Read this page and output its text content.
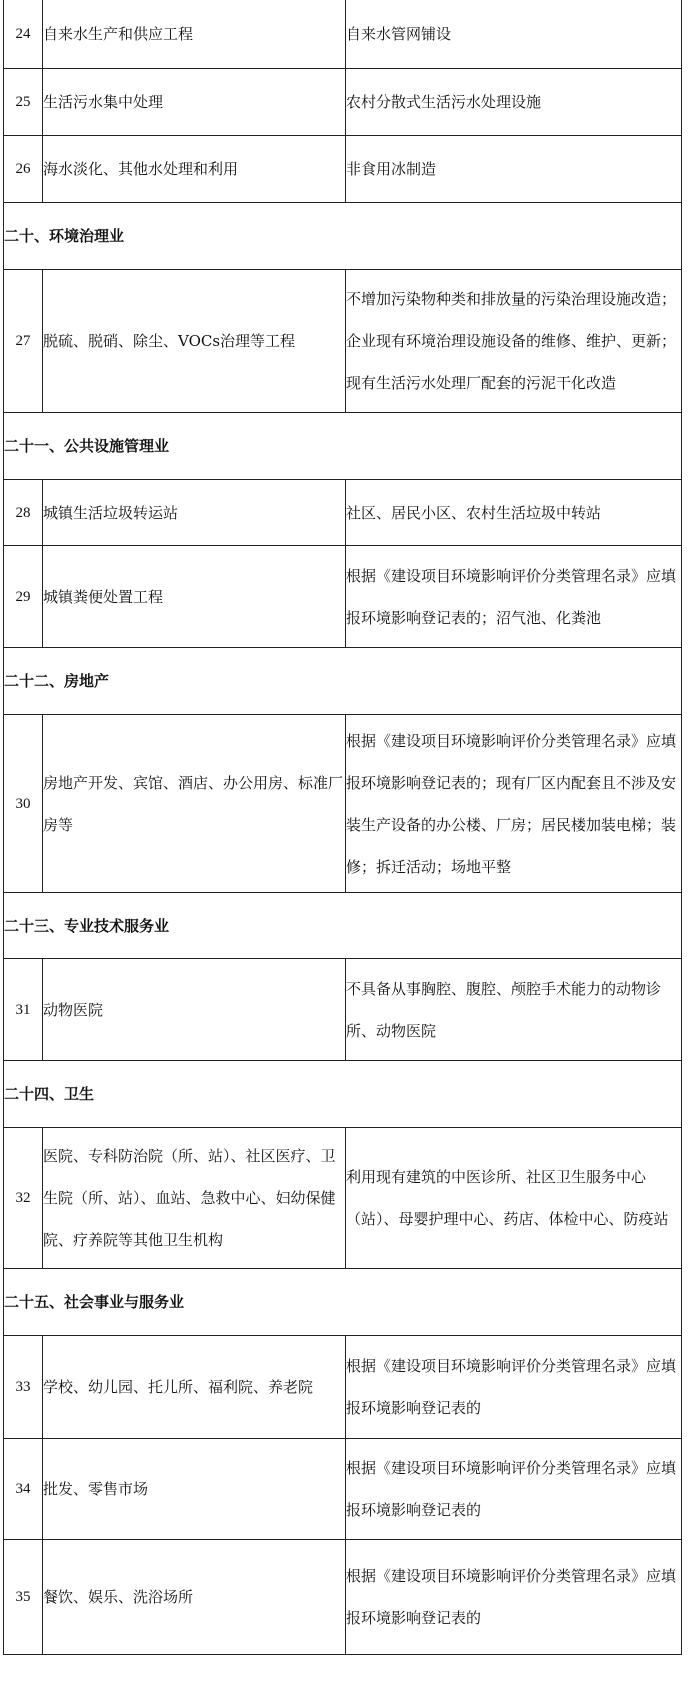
24	自来水生产和供应工程	自来水管网铺设
25	生活污水集中处理	农村分散式生活污水处理设施
26	海水淡化、其他水处理和利用	非食用冰制造
二十、环境治理业		
27	脱硫、脱硝、除尘、VOCs治理等工程	不增加污染物种类和排放量的污染治理设施改造；企业现有环境治理设施设备的维修、维护、更新；现有生活污水处理厂配套的污泥干化改造
二十一、公共设施管理业		
28	城镇生活垃圾转运站	社区、居民小区、农村生活垃圾中转站
29	城镇粪便处置工程	根据《建设项目环境影响评价分类管理名录》应填报环境影响登记表的；沼气池、化粪池
二十二、房地产		
30	房地产开发、宾馆、酒店、办公用房、标准厂房等	根据《建设项目环境影响评价分类管理名录》应填报环境影响登记表的；现有厂区内配套且不涉及安装生产设备的办公楼、厂房；居民楼加装电梯；装修；拆迁活动；场地平整
二十三、专业技术服务业		
31	动物医院	不具备从事胸腔、腹腔、颅腔手术能力的动物诊所、动物医院
二十四、卫生		
32	医院、专科防治院（所、站）、社区医疗、卫生院（所、站）、血站、急救中心、妇幼保健院、疗养院等其他卫生机构	利用现有建筑的中医诊所、社区卫生服务中心（站）、母婴护理中心、药店、体检中心、防疫站
二十五、社会事业与服务业		
33	学校、幼儿园、托儿所、福利院、养老院	根据《建设项目环境影响评价分类管理名录》应填报环境影响登记表的
34	批发、零售市场	根据《建设项目环境影响评价分类管理名录》应填报环境影响登记表的
35	餐饮、娱乐、洗浴场所	根据《建设项目环境影响评价分类管理名录》应填报环境影响登记表的
